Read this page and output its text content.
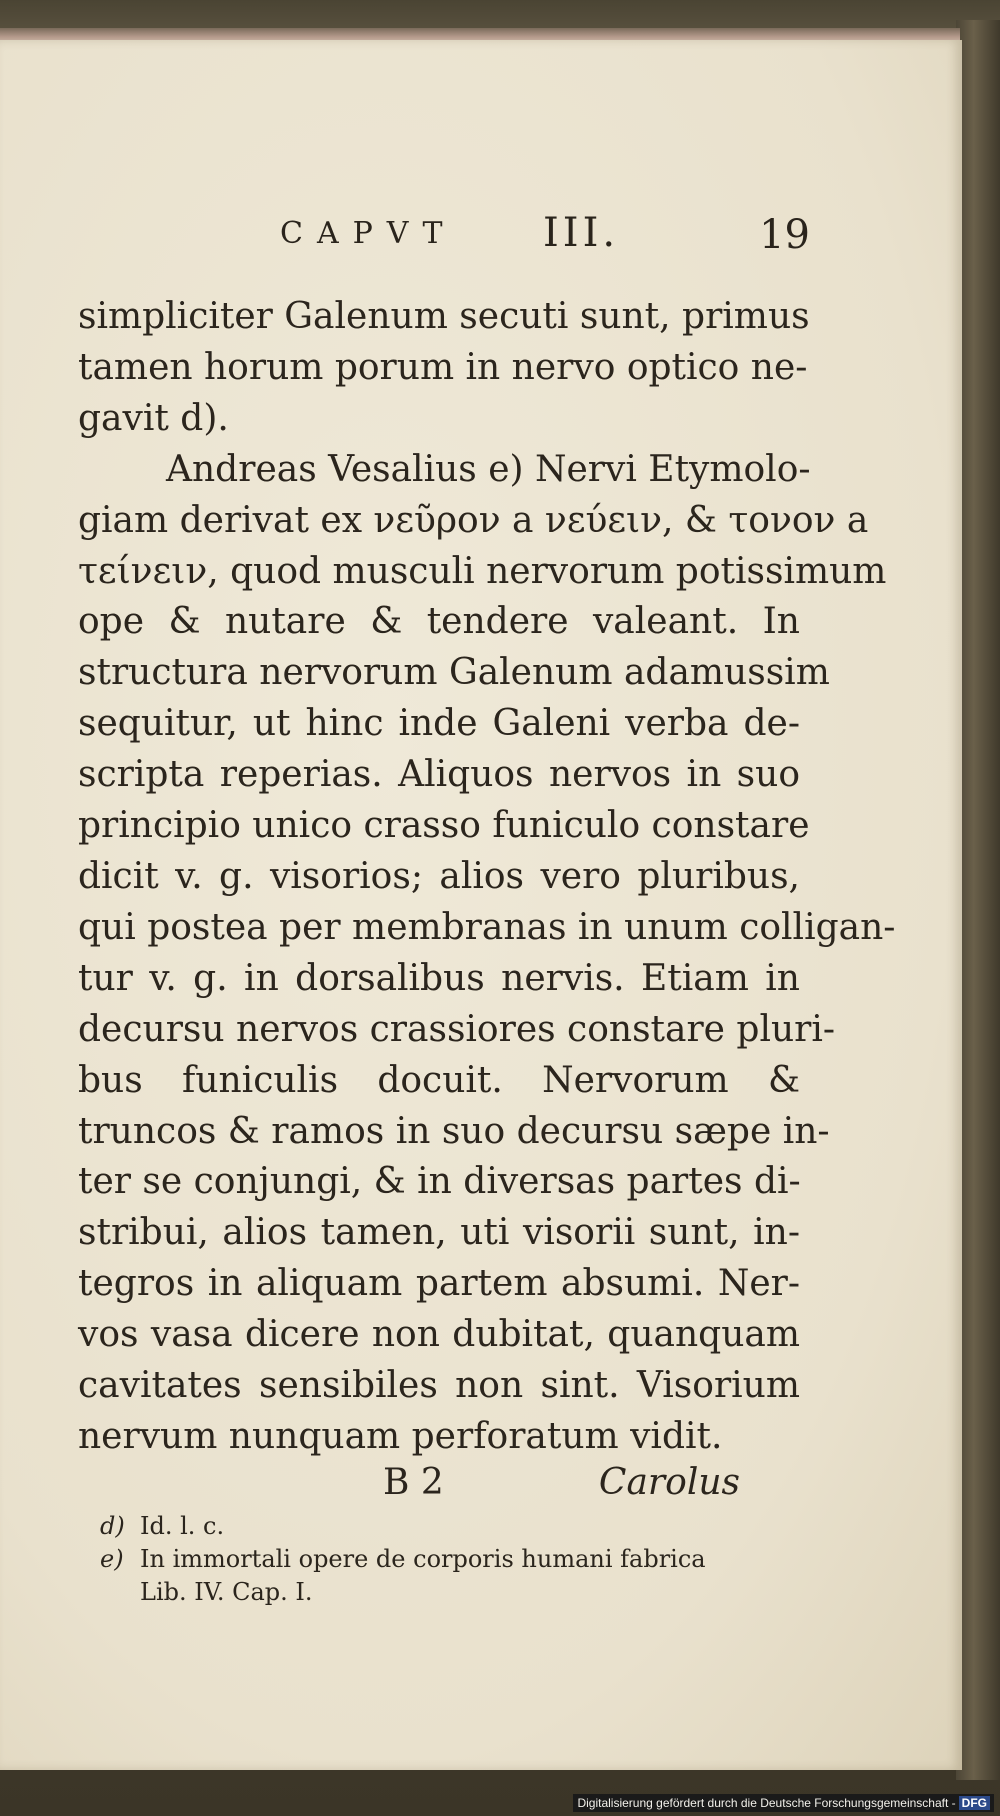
CAPVT III.	19
simpliciter Galenum secuti sunt, primus
tamen horum porum in nervo optico ne-
gavit d).
Andreas Vesalius e) Nervi Etymolo-
giam derivat ex νεῦρον a νεύειν, & τονον a
τείνειν, quod musculi nervorum potissimum
ope & nutare & tendere valeant. In
structura nervorum Galenum adamussim
sequitur, ut hinc inde Galeni verba de-
scripta reperias. Aliquos nervos in suo
principio unico crasso funiculo constare
dicit v. g. visorios; alios vero pluribus,
qui postea per membranas in unum colligan-
tur v. g. in dorsalibus nervis. Etiam in
decursu nervos crassiores constare pluri-
bus funiculis docuit. Nervorum &
truncos & ramos in suo decursu sæpe in-
ter se conjungi, & in diversas partes di-
stribui, alios tamen, uti visorii sunt, in-
tegros in aliquam partem absumi. Ner-
vos vasa dicere non dubitat, quanquam
cavitates sensibiles non sint. Visorium
nervum nunquam perforatum vidit.
B 2	Carolus
d) Id. l. c.
e) In immortali opere de corporis humani fabrica
Lib. IV. Cap. I.
Digitalisierung gefördert durch die Deutsche Forschungsgemeinschaft - DFG
